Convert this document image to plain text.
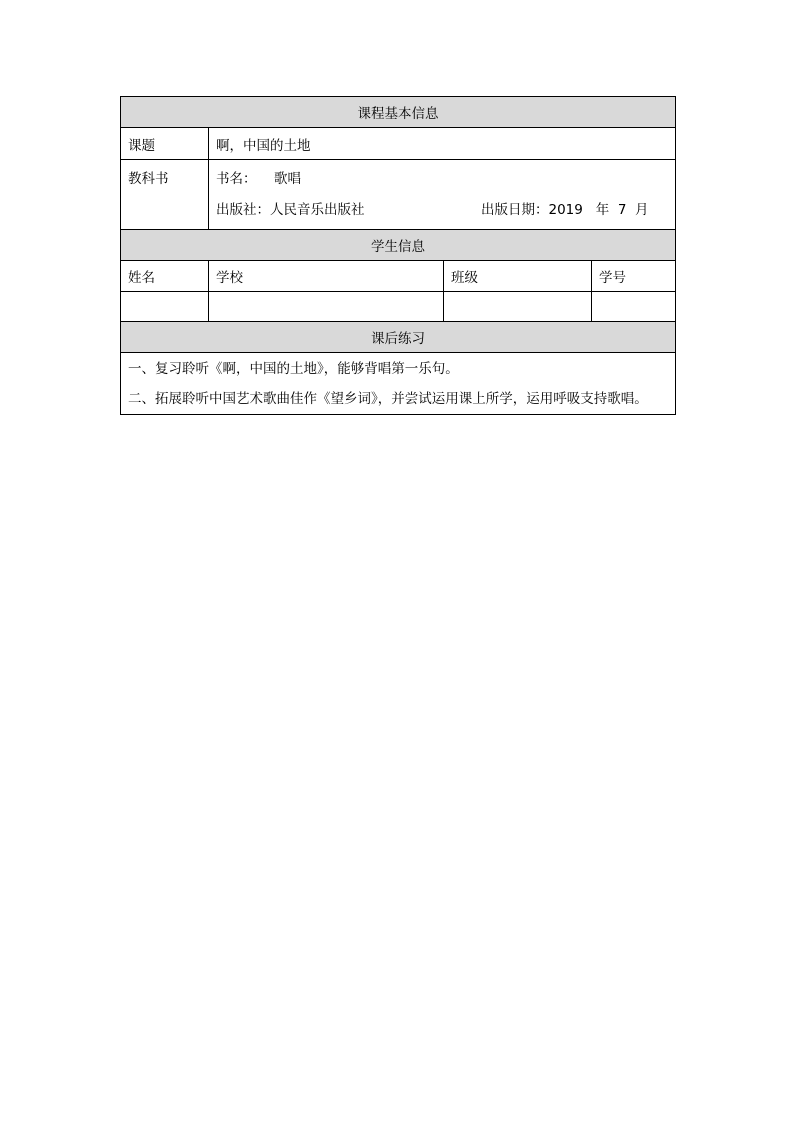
课程基本信息			
课题	啊，中国的土地		
教科书	书名： 歌唱
出版社：人民音乐出版社 出版日期：2019 年 7 月		

学生信息			
姓名	学校	班级	学号

课后练习			

一、复习聆听《啊，中国的土地》，能够背唱第一乐句。
二、拓展聆听中国艺术歌曲佳作《望乡词》，并尝试运用课上所学，运用呼吸支持歌唱。			
